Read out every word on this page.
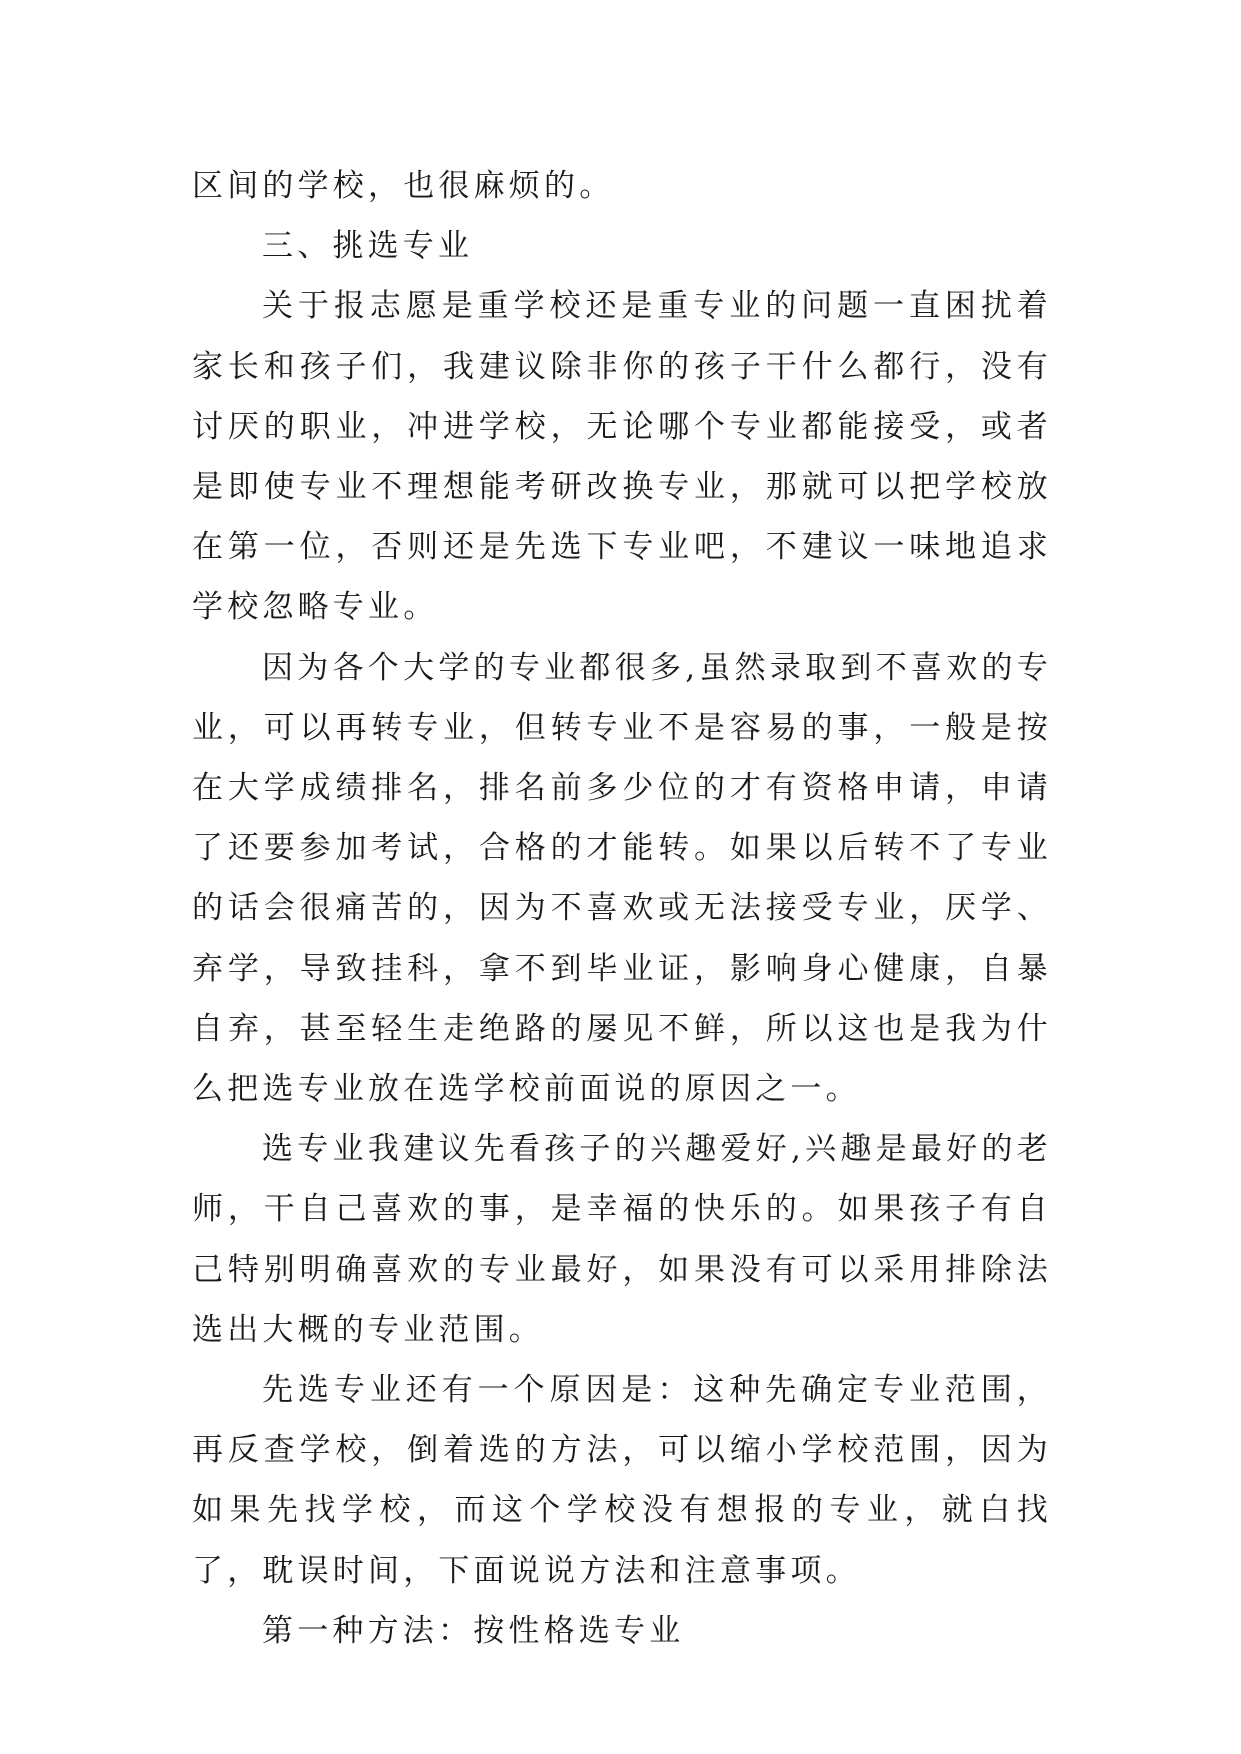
区间的学校，也很麻烦的。

三、挑选专业

关于报志愿是重学校还是重专业的问题一直困扰着家长和孩子们，我建议除非你的孩子干什么都行，没有讨厌的职业，冲进学校，无论哪个专业都能接受，或者是即使专业不理想能考研改换专业，那就可以把学校放在第一位，否则还是先选下专业吧，不建议一味地追求学校忽略专业。

因为各个大学的专业都很多,虽然录取到不喜欢的专业，可以再转专业，但转专业不是容易的事，一般是按在大学成绩排名，排名前多少位的才有资格申请，申请了还要参加考试，合格的才能转。如果以后转不了专业的话会很痛苦的，因为不喜欢或无法接受专业，厌学、弃学，导致挂科，拿不到毕业证，影响身心健康，自暴自弃，甚至轻生走绝路的屡见不鲜，所以这也是我为什么把选专业放在选学校前面说的原因之一。

选专业我建议先看孩子的兴趣爱好,兴趣是最好的老师，干自己喜欢的事，是幸福的快乐的。如果孩子有自己特别明确喜欢的专业最好，如果没有可以采用排除法选出大概的专业范围。

先选专业还有一个原因是：这种先确定专业范围，再反查学校，倒着选的方法，可以缩小学校范围，因为如果先找学校，而这个学校没有想报的专业，就白找了，耽误时间，下面说说方法和注意事项。

第一种方法：按性格选专业
